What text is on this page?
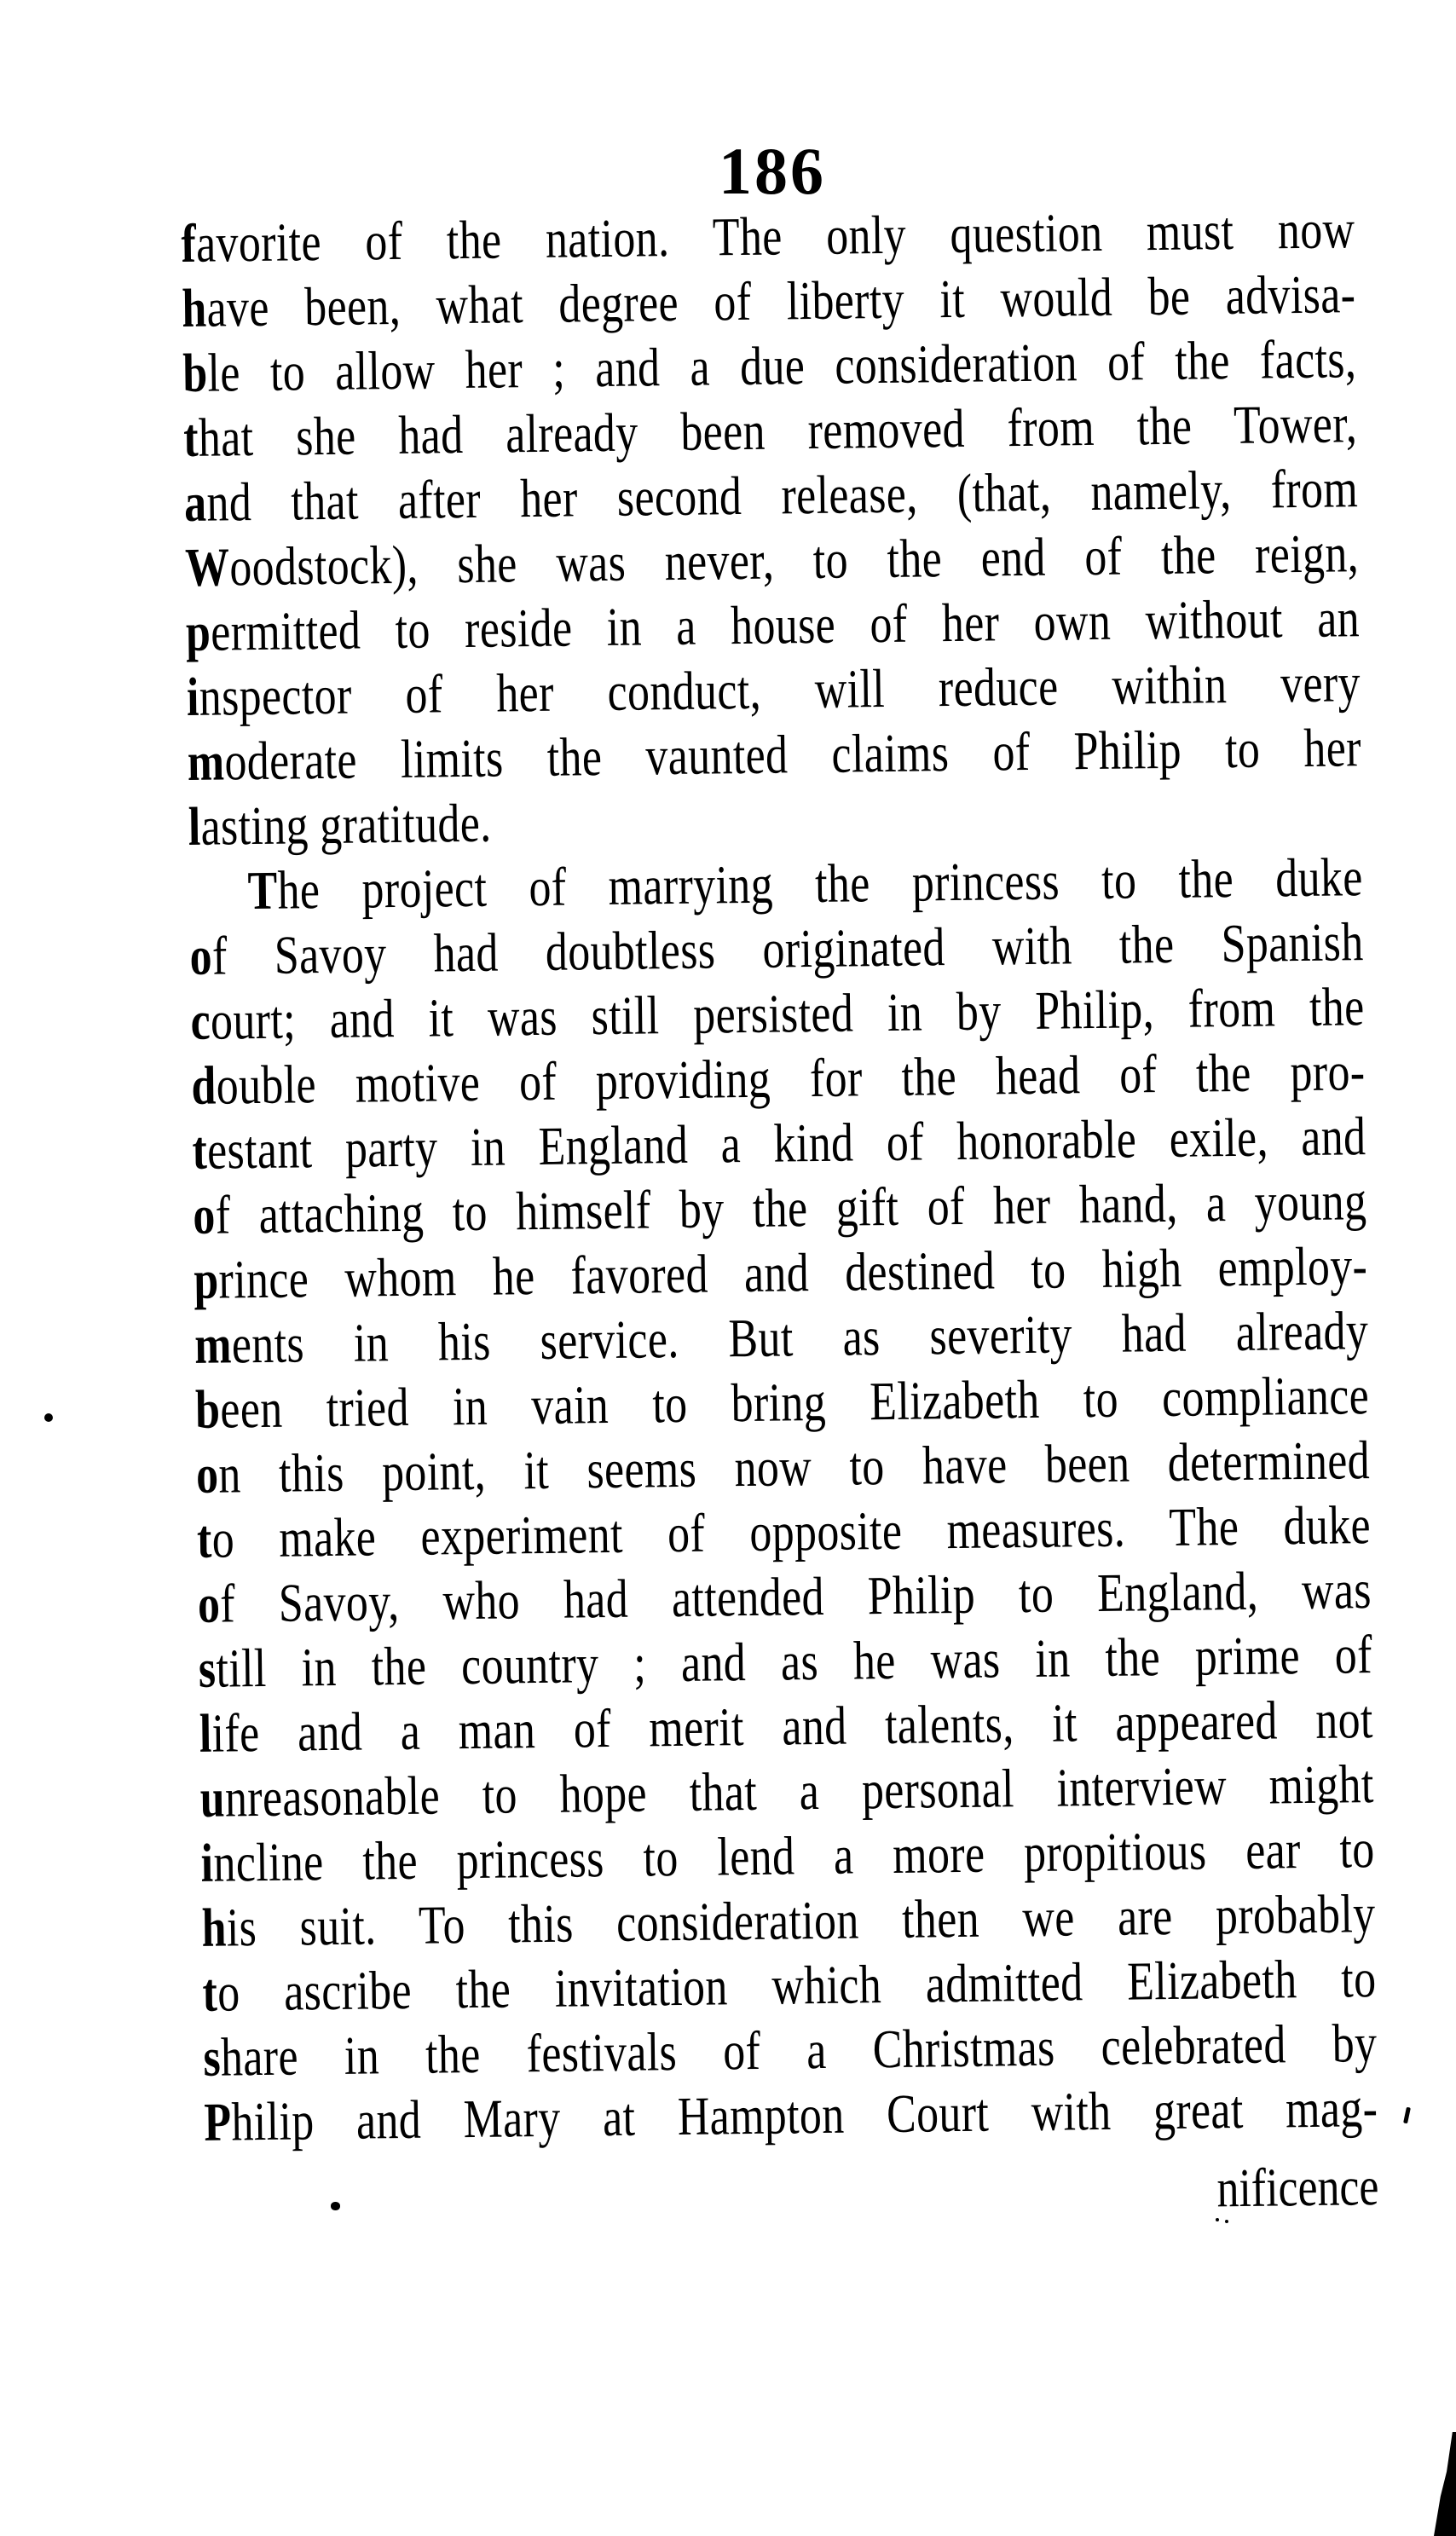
186
favorite of the nation. The only question must now
have been, what degree of liberty it would be advisa-
ble to allow her ; and a due consideration of the facts,
that she had already been removed from the Tower,
and that after her second release, (that, namely, from
Woodstock), she was never, to the end of the reign,
permitted to reside in a house of her own without an
inspector of her conduct, will reduce within very
moderate limits the vaunted claims of Philip to her
lasting gratitude.
The project of marrying the princess to the duke
of Savoy had doubtless originated with the Spanish
court; and it was still persisted in by Philip, from the
double motive of providing for the head of the pro-
testant party in England a kind of honorable exile, and
of attaching to himself by the gift of her hand, a young
prince whom he favored and destined to high employ-
ments in his service. But as severity had already
been tried in vain to bring Elizabeth to compliance
on this point, it seems now to have been determined
to make experiment of opposite measures. The duke
of Savoy, who had attended Philip to England, was
still in the country ; and as he was in the prime of
life and a man of merit and talents, it appeared not
unreasonable to hope that a personal interview might
incline the princess to lend a more propitious ear to
his suit. To this consideration then we are probably
to ascribe the invitation which admitted Elizabeth to
share in the festivals of a Christmas celebrated by
Philip and Mary at Hampton Court with great mag-
nificence
